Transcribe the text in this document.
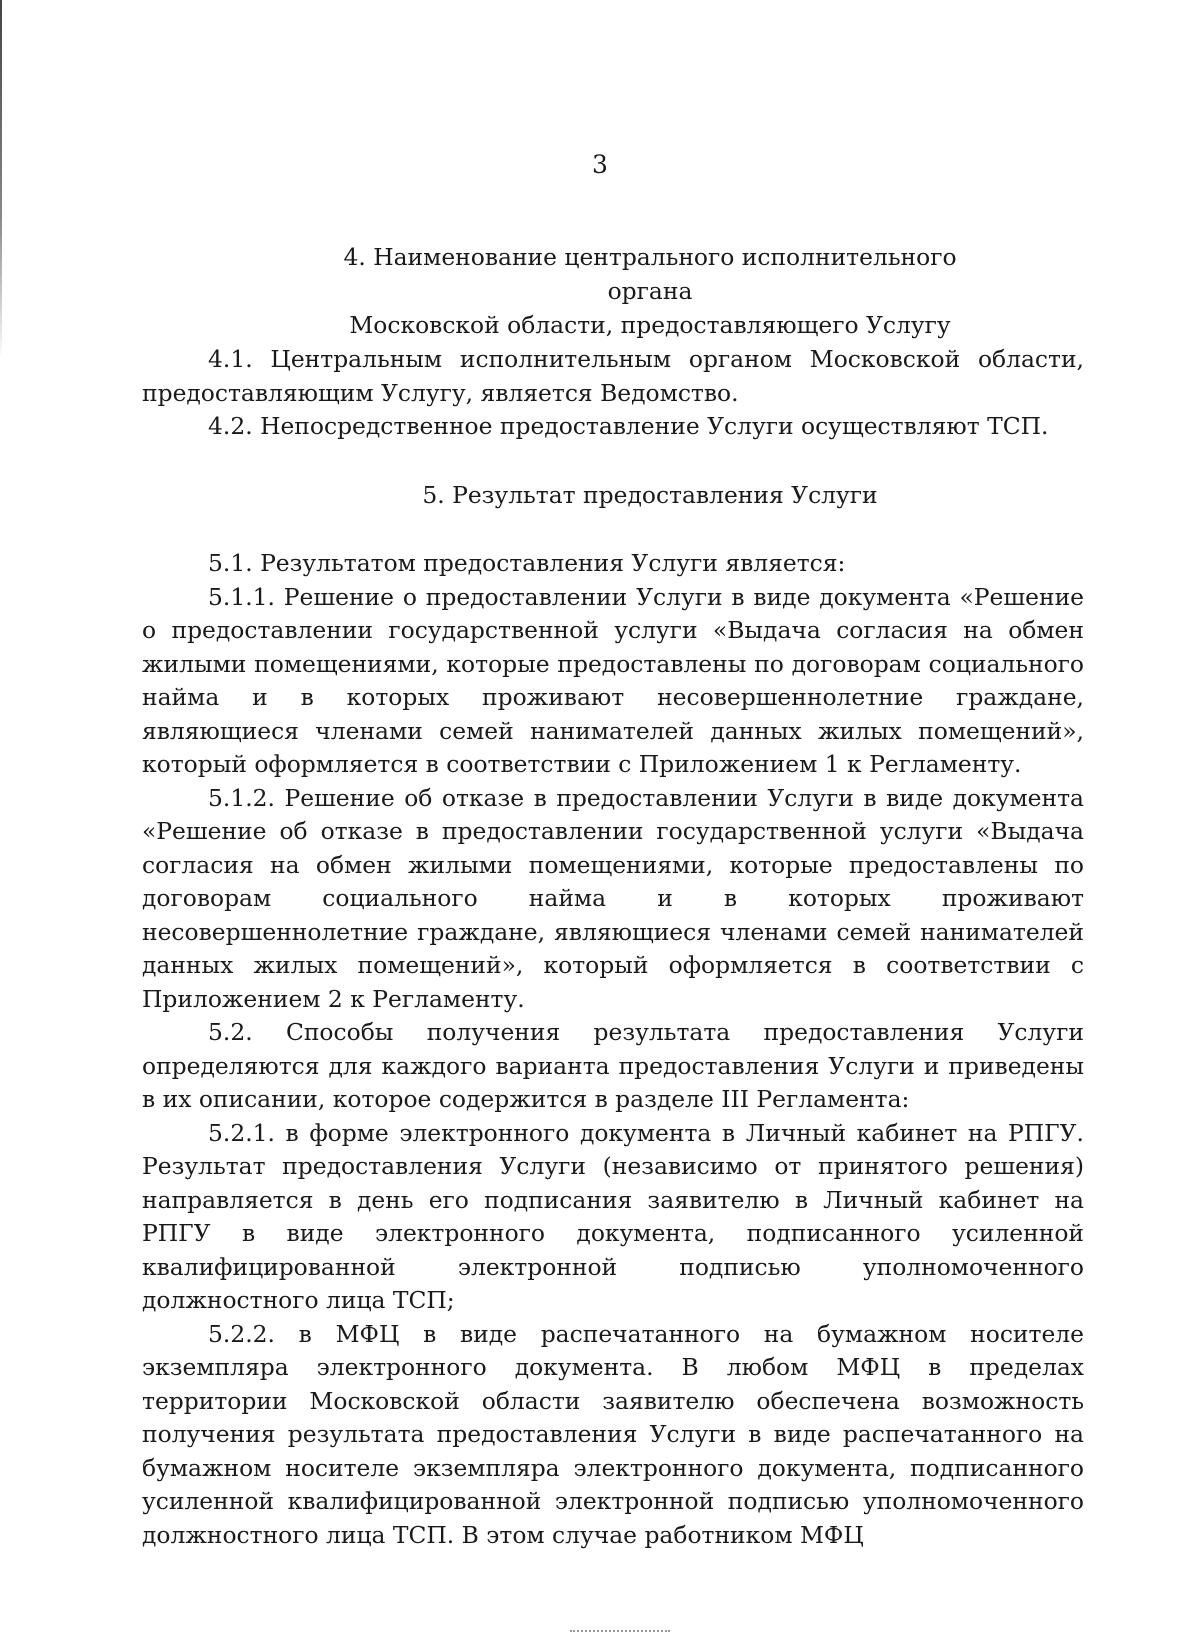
3
4. Наименование центрального исполнительного органа
Московской области, предоставляющего Услугу

4.1. Центральным исполнительным органом Московской области, предоставляющим Услугу, является Ведомство.

4.2. Непосредственное предоставление Услуги осуществляют ТСП.

5. Результат предоставления Услуги

5.1. Результатом предоставления Услуги является:

5.1.1. Решение о предоставлении Услуги в виде документа «Решение о предоставлении государственной услуги «Выдача согласия на обмен жилыми помещениями, которые предоставлены по договорам социального найма и в которых проживают несовершеннолетние граждане, являющиеся членами семей нанимателей данных жилых помещений», который оформляется в соответствии с Приложением 1 к Регламенту.

5.1.2. Решение об отказе в предоставлении Услуги в виде документа «Решение об отказе в предоставлении государственной услуги «Выдача согласия на обмен жилыми помещениями, которые предоставлены по договорам социального найма и в которых проживают несовершеннолетние граждане, являющиеся членами семей нанимателей данных жилых помещений», который оформляется в соответствии с Приложением 2 к Регламенту.

5.2. Способы получения результата предоставления Услуги определяются для каждого варианта предоставления Услуги и приведены в их описании, которое содержится в разделе III Регламента:

5.2.1. в форме электронного документа в Личный кабинет на РПГУ. Результат предоставления Услуги (независимо от принятого решения) направляется в день его подписания заявителю в Личный кабинет на РПГУ в виде электронного документа, подписанного усиленной квалифицированной электронной подписью уполномоченного должностного лица ТСП;

5.2.2. в МФЦ в виде распечатанного на бумажном носителе экземпляра электронного документа. В любом МФЦ в пределах территории Московской области заявителю обеспечена возможность получения результата предоставления Услуги в виде распечатанного на бумажном носителе экземпляра электронного документа, подписанного усиленной квалифицированной электронной подписью уполномоченного должностного лица ТСП. В этом случае работником МФЦ
